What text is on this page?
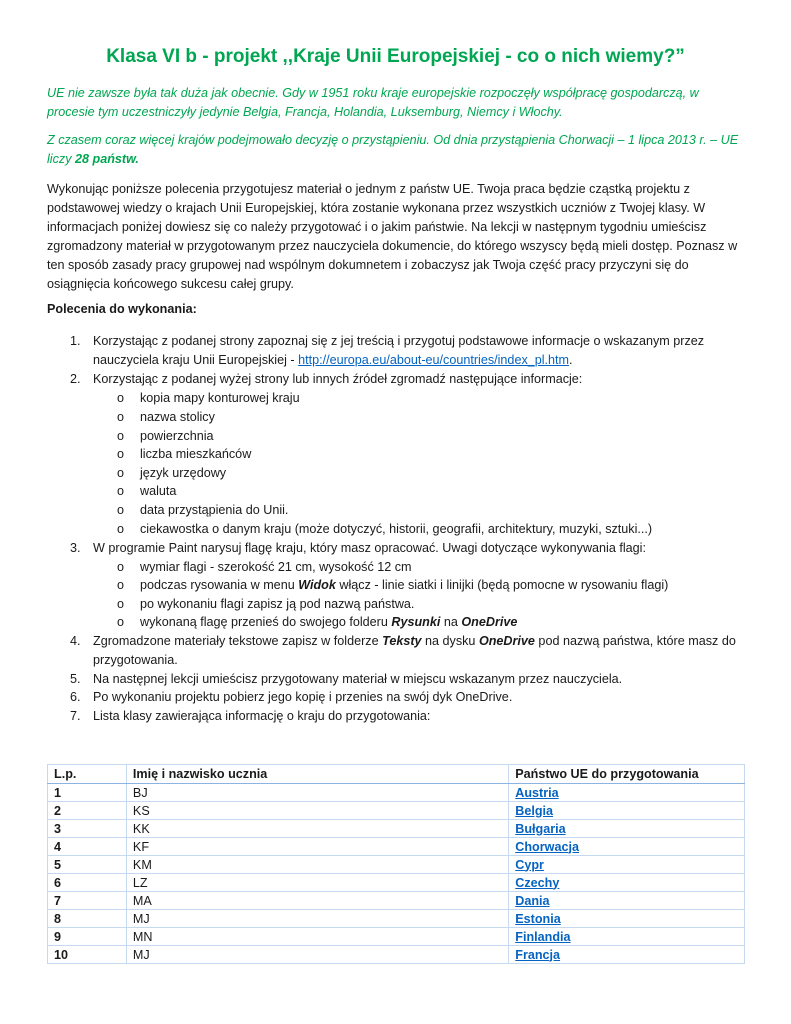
Klasa VI b - projekt ,,Kraje Unii Europejskiej - co o nich wiemy?”
UE nie zawsze była tak duża jak obecnie. Gdy w 1951 roku kraje europejskie rozpoczęły współpracę gospodarczą, w procesie tym uczestniczyły jedynie Belgia, Francja, Holandia, Luksemburg, Niemcy i Włochy.
Z czasem coraz więcej krajów podejmowało decyzję o przystąpieniu. Od dnia przystąpienia Chorwacji – 1 lipca 2013 r. – UE liczy 28 państw.
Wykonując poniższe polecenia przygotujesz materiał o jednym z państw UE. Twoja praca będzie cząstką projektu z podstawowej wiedzy o krajach Unii Europejskiej, która zostanie wykonana przez wszystkich uczniów z Twojej klasy. W informacjach poniżej dowiesz się co należy przygotować i o jakim państwie. Na lekcji w następnym tygodniu umieścisz zgromadzony materiał w przygotowanym przez nauczyciela dokumencie, do którego wszyscy będą mieli dostęp. Poznasz w ten sposób zasady pracy grupowej nad wspólnym dokumnetem i zobaczysz jak Twoja część pracy przyczyni się do osiągnięcia końcowego sukcesu całej grupy.
Polecenia do wykonania:
1. Korzystając z podanej strony zapoznaj się z jej treścią i przygotuj podstawowe informacje o wskazanym przez nauczyciela kraju Unii Europejskiej - http://europa.eu/about-eu/countries/index_pl.htm.
2. Korzystając z podanej wyżej strony lub innych źródeł zgromadź następujące informacje:
o kopia mapy konturowej kraju
o nazwa stolicy
o powierzchnia
o liczba mieszkańców
o język urzędowy
o waluta
o data przystąpienia do Unii.
o ciekawostka o danym kraju (może dotyczyć, historii, geografii, architektury, muzyki, sztuki...)
3. W programie Paint narysuj flagę kraju, który masz opracować. Uwagi dotyczące wykonywania flagi:
o wymiar flagi - szerokość 21 cm, wysokość 12 cm
o podczas rysowania w menu Widok włącz - linie siatki i linijki (będą pomocne w rysowaniu flagi)
o po wykonaniu flagi zapisz ją pod nazwą państwa.
o wykonaną flagę przenieś do swojego folderu Rysunki na OneDrive
4. Zgromadzone materiały tekstowe zapisz w folderze Teksty na dysku OneDrive pod nazwą państwa, które masz do przygotowania.
5. Na następnej lekcji umieścisz przygotowany materiał w miejscu wskazanym przez nauczyciela.
6. Po wykonaniu projektu pobierz jego kopię i przenies na swój dyk OneDrive.
7. Lista klasy zawierająca informację o kraju do przygotowania:
L.p.	Imię i nazwisko ucznia	Państwo UE do przygotowania
1	BJ	Austria
2	KS	Belgia
3	KK	Bułgaria
4	KF	Chorwacja
5	KM	Cypr
6	LZ	Czechy
7	MA	Dania
8	MJ	Estonia
9	MN	Finlandia
10	MJ	Francja
